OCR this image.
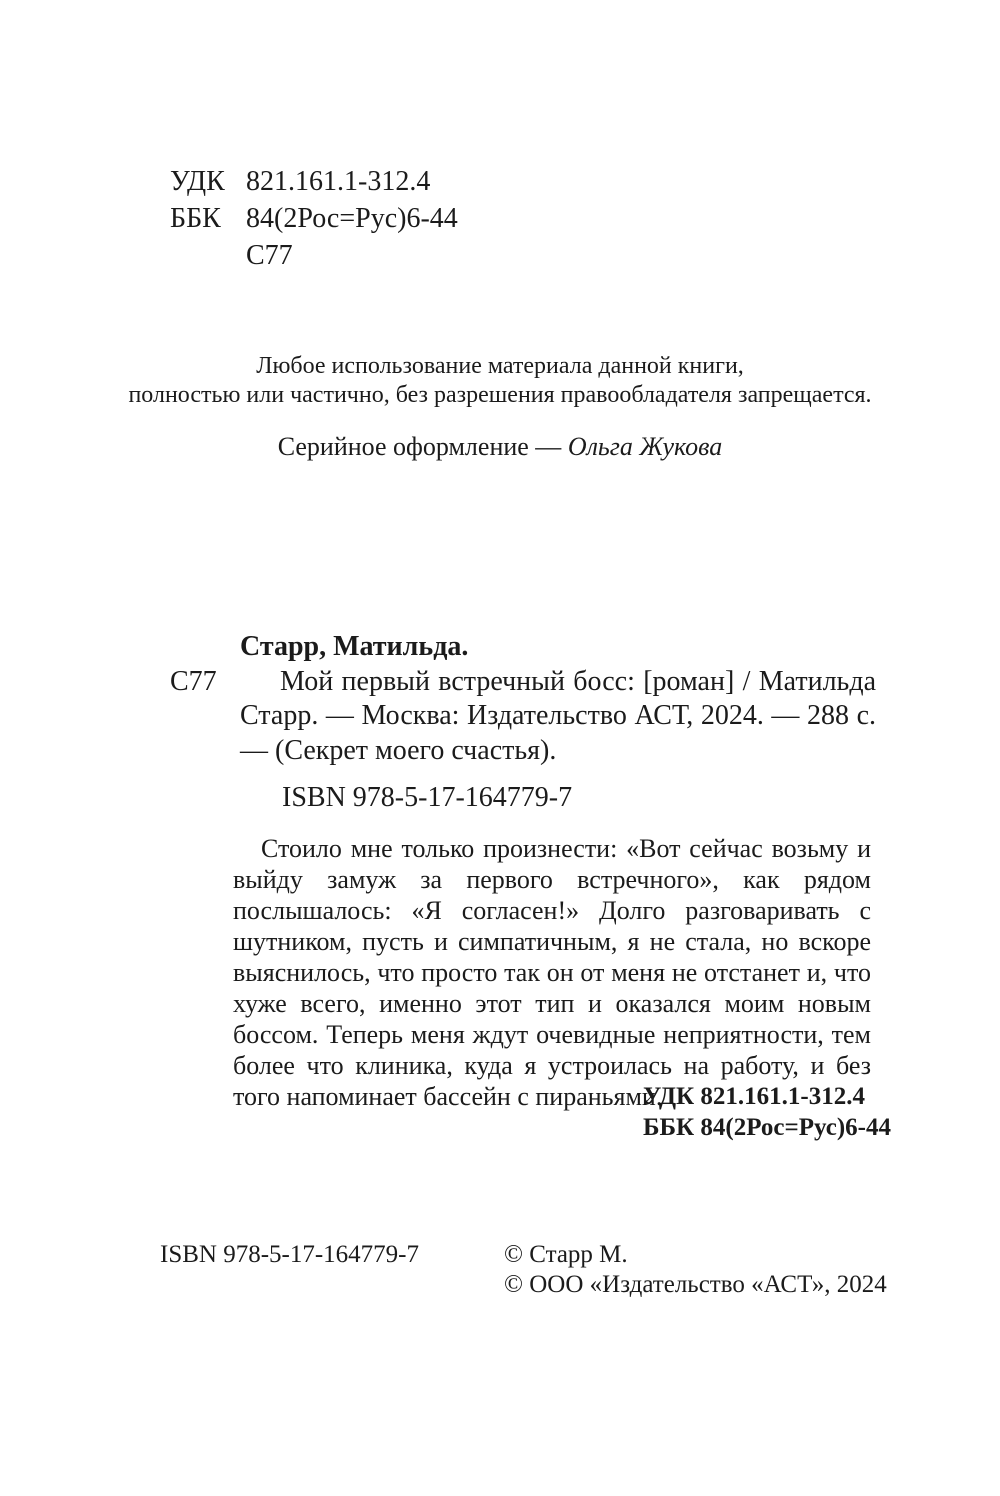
УДК 821.161.1-312.4
ББК 84(2Рос=Рус)6-44
С77
Любое использование материала данной книги,
полностью или частично, без разрешения правообладателя запрещается.
Серийное оформление — Ольга Жукова
Старр, Матильда.
С77	Мой первый встречный босс: [роман] / Матильда Старр. — Москва: Издательство АСТ, 2024. — 288 с. — (Секрет моего счастья).
ISBN 978-5-17-164779-7
Стоило мне только произнести: «Вот сейчас возьму и выйду замуж за первого встречного», как рядом послышалось: «Я согласен!» Долго разговаривать с шутником, пусть и симпатичным, я не стала, но вскоре выяснилось, что просто так он от меня не отстанет и, что хуже всего, именно этот тип и оказался моим новым боссом. Теперь меня ждут очевидные неприятности, тем более что клиника, куда я устроилась на работу, и без того напоминает бассейн с пираньями.
УДК 821.161.1-312.4
ББК 84(2Рос=Рус)6-44
ISBN 978-5-17-164779-7	© Старр М.
© ООО «Издательство «АСТ», 2024
